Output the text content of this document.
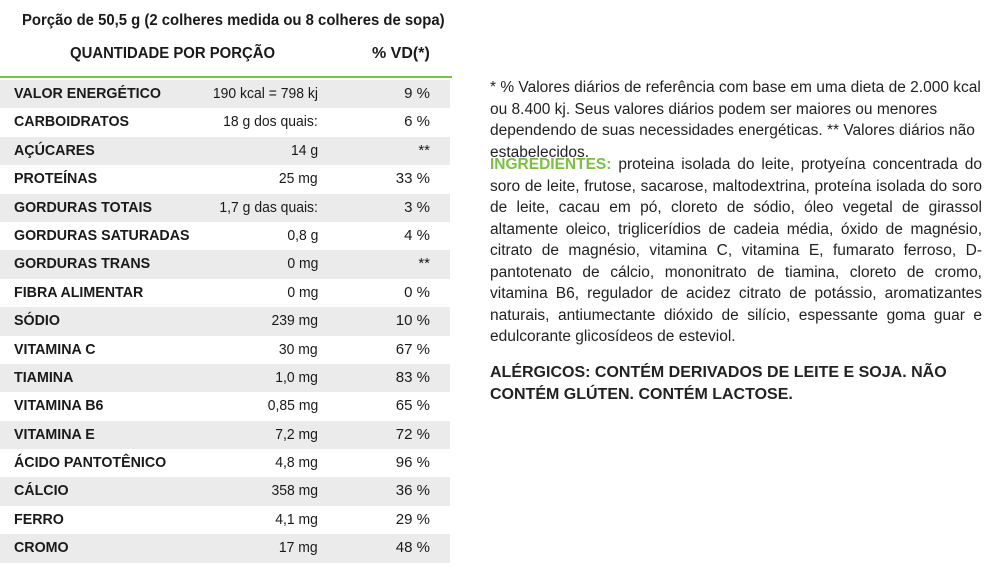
Porção de 50,5 g (2 colheres medida ou 8 colheres de sopa)
QUANTIDADE POR PORÇÃO	% VD(*)
VALOR ENERGÉTICO	190 kcal = 798 kj	9 %
CARBOIDRATOS	18 g dos quais:	6 %
AÇÚCARES	14 g	**
PROTEÍNAS	25 mg	33 %
GORDURAS TOTAIS	1,7 g das quais:	3 %
GORDURAS SATURADAS	0,8 g	4 %
GORDURAS TRANS	0 mg	**
FIBRA ALIMENTAR	0 mg	0 %
SÓDIO	239 mg	10 %
VITAMINA C	30 mg	67 %
TIAMINA	1,0 mg	83 %
VITAMINA B6	0,85 mg	65 %
VITAMINA E	7,2 mg	72 %
ÁCIDO PANTOTÊNICO	4,8 mg	96 %
CÁLCIO	358 mg	36 %
FERRO	4,1 mg	29 %
CROMO	17 mg	48 %
* % Valores diários de referência com base em uma dieta de 2.000 kcal ou 8.400 kj. Seus valores diários podem ser maiores ou menores dependendo de suas necessidades energéticas. ** Valores diários não estabelecidos.
INGREDIENTES: proteina isolada do leite, protyeína concentrada do soro de leite, frutose, sacarose, maltodextrina, proteína isolada do soro de leite, cacau em pó, cloreto de sódio, óleo vegetal de girassol altamente oleico, triglicerídios de cadeia média, óxido de magnésio, citrato de magnésio, vitamina C, vitamina E, fumarato ferroso, D-pantotenato de cálcio, mononitrato de tiamina, cloreto de cromo, vitamina B6, regulador de acidez citrato de potássio, aromatizantes naturais, antiumectante dióxido de silício, espessante goma guar e edulcorante glicosídeos de esteviol.
ALÉRGICOS: CONTÉM DERIVADOS DE LEITE E SOJA. NÃO CONTÉM GLÚTEN. CONTÉM LACTOSE.
